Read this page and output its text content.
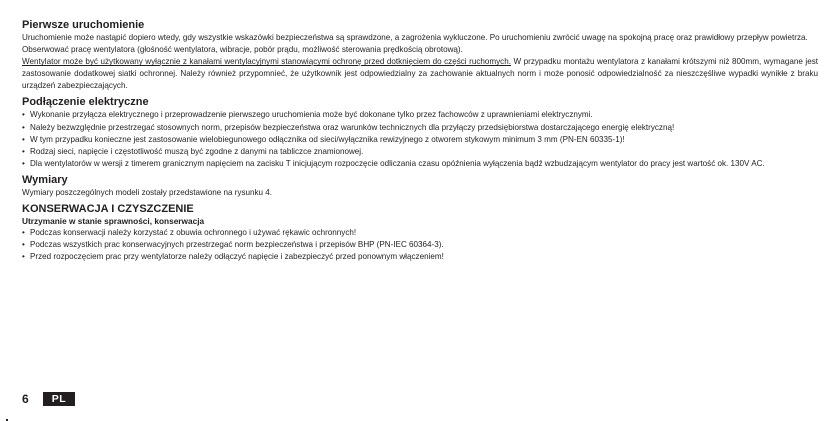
Pierwsze uruchomienie

Uruchomienie może nastąpić dopiero wtedy, gdy wszystkie wskazówki bezpieczeństwa są sprawdzone, a zagrożenia wykluczone. Po uruchomieniu zwrócić uwagę na spokojną pracę oraz prawidłowy przepływ powietrza.

Obserwować pracę wentylatora (głośność wentylatora, wibracje, pobór prądu, możliwość sterowania prędkością obrotową).

Wentylator może być użytkowany wyłącznie z kanałami wentylacyjnymi stanowiącymi ochronę przed dotknięciem do części ruchomych. W przypadku montażu wentylatora z kanałami krótszymi niż 800mm, wymagane jest zastosowanie dodatkowej siatki ochronnej. Należy również przypomnieć, że użytkownik jest odpowiedzialny za zachowanie aktualnych norm i może ponosić odpowiedzialność za nieszczęśliwe wypadki wynikłe z braku urządzeń zabezpieczających.

Podłączenie elektryczne
• Wykonanie przyłącza elektrycznego i przeprowadzenie pierwszego uruchomienia może być dokonane tylko przez fachowców z uprawnieniami elektrycznymi.
• Należy bezwzględnie przestrzegać stosownych norm, przepisów bezpieczeństwa oraz warunków technicznych dla przyłączy przedsiębiorstwa dostarczającego energię elektryczną!
• W tym przypadku konieczne jest zastosowanie wielobiegunowego odłącznika od sieci/wyłącznika rewizyjnego z otworem stykowym minimum 3 mm (PN-EN 60335-1)!
• Rodzaj sieci, napięcie i częstotliwość muszą być zgodne z danymi na tabliczce znamionowej.
• Dla wentylatorów w wersji z timerem granicznym napięciem na zacisku T inicjującym rozpoczęcie odliczania czasu opóźnienia wyłączenia bądź wzbudzającym wentylator do pracy jest wartość ok. 130V AC.
Wymiary

Wymiary poszczególnych modeli zostały przedstawione na rysunku 4.

KONSERWACJA I CZYSZCZENIE

Utrzymanie w stanie sprawności, konserwacja

• Podczas konserwacji należy korzystać z obuwia ochronnego i używać rękawic ochronnych!
• Podczas wszystkich prac konserwacyjnych przestrzegać norm bezpieczeństwa i przepisów BHP (PN-IEC 60364-3).
• Przed rozpoczęciem prac przy wentylatorze należy odłączyć napięcie i zabezpieczyć przed ponownym włączeniem!
6	PL
